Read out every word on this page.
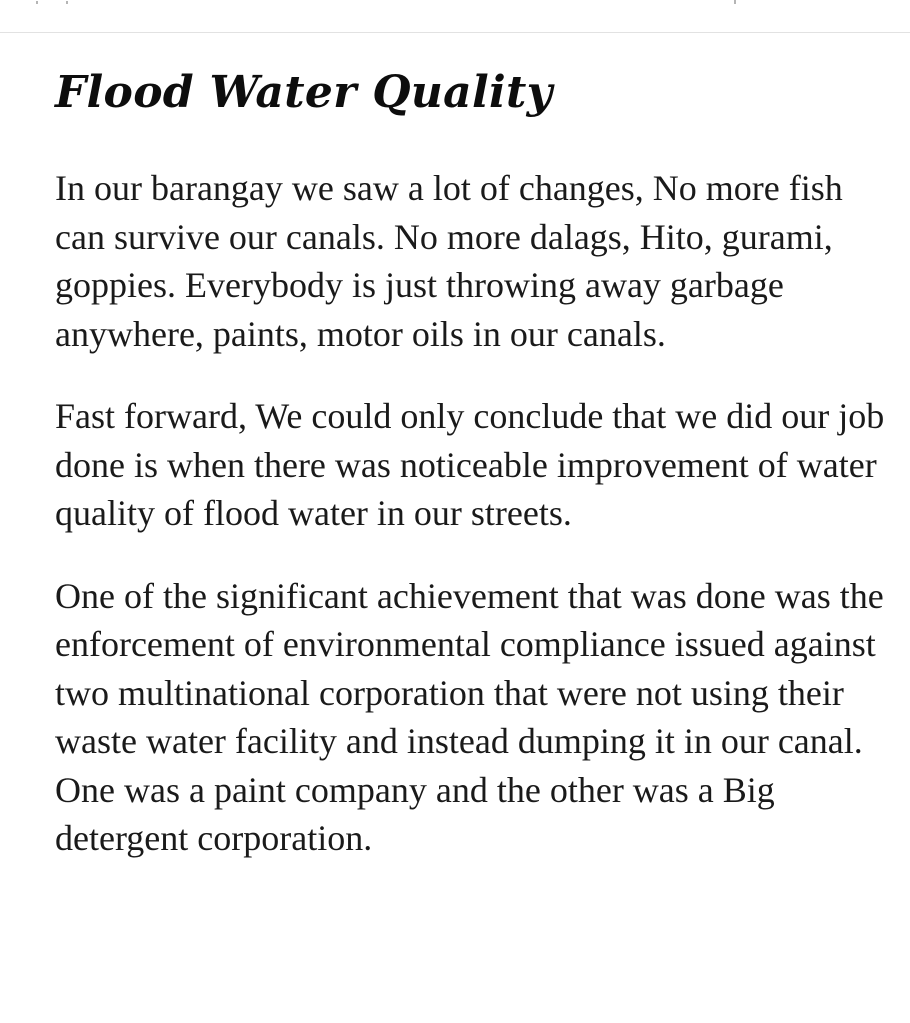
Flood Water Quality

In our barangay we saw a lot of changes, No more fish can survive our canals. No more dalags, Hito, gurami, goppies. Everybody is just throwing away garbage anywhere, paints, motor oils in our canals.

Fast forward, We could only conclude that we did our job done is when there was noticeable improvement of water quality of flood water in our streets.

One of the significant achievement that was done was the enforcement of environmental compliance issued against two multinational corporation that were not using their waste water facility and instead dumping it in our canal. One was a paint company and the other was a Big detergent corporation.
